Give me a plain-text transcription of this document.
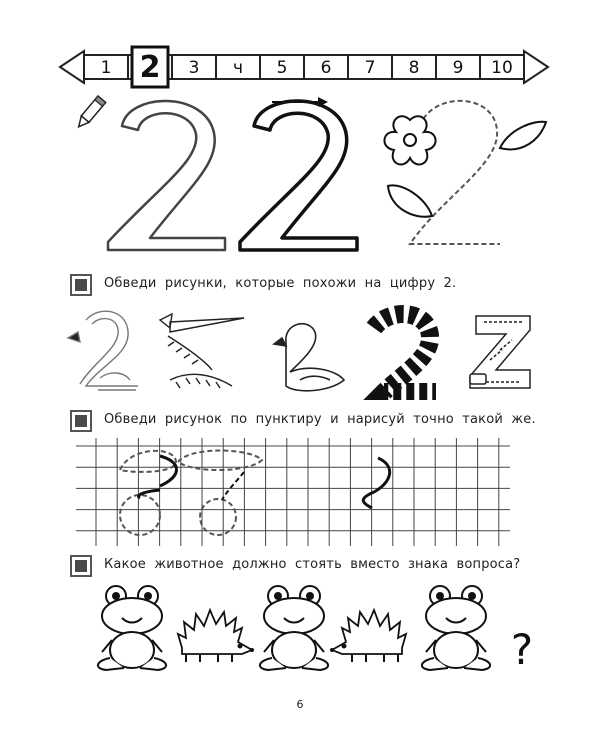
1 2 3 ч 5 6 7 8 9 10
Обведи рисунки, которые похожи на цифру 2.
Обведи рисунок по пунктиру и нарисуй точно такой же.
Какое животное должно стоять вместо знака вопроса?
?
6
